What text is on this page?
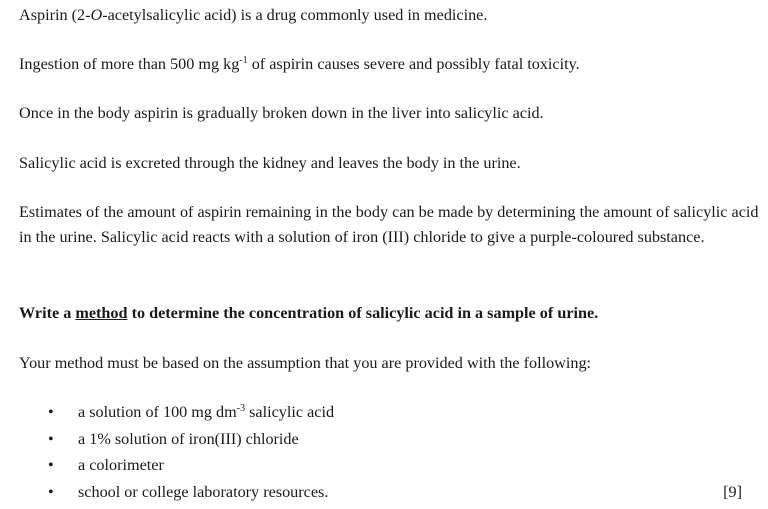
Aspirin (2-O-acetylsalicylic acid) is a drug commonly used in medicine.
Ingestion of more than 500 mg $kg^{-1}$ of aspirin causes severe and possibly fatal toxicity.
Once in the body aspirin is gradually broken down in the liver into salicylic acid.
Salicylic acid is excreted through the kidney and leaves the body in the urine.
Estimates of the amount of aspirin remaining in the body can be made by determining the amount of salicylic acid in the urine. Salicylic acid reacts with a solution of iron (III) chloride to give a purple-coloured substance.
Write a method to determine the concentration of salicylic acid in a sample of urine.
Your method must be based on the assumption that you are provided with the following:
• a solution of 100 mg $dm^{-3}$ salicylic acid
• a 1% solution of iron(III) chloride
• a colorimeter
• school or college laboratory resources.	[9]
